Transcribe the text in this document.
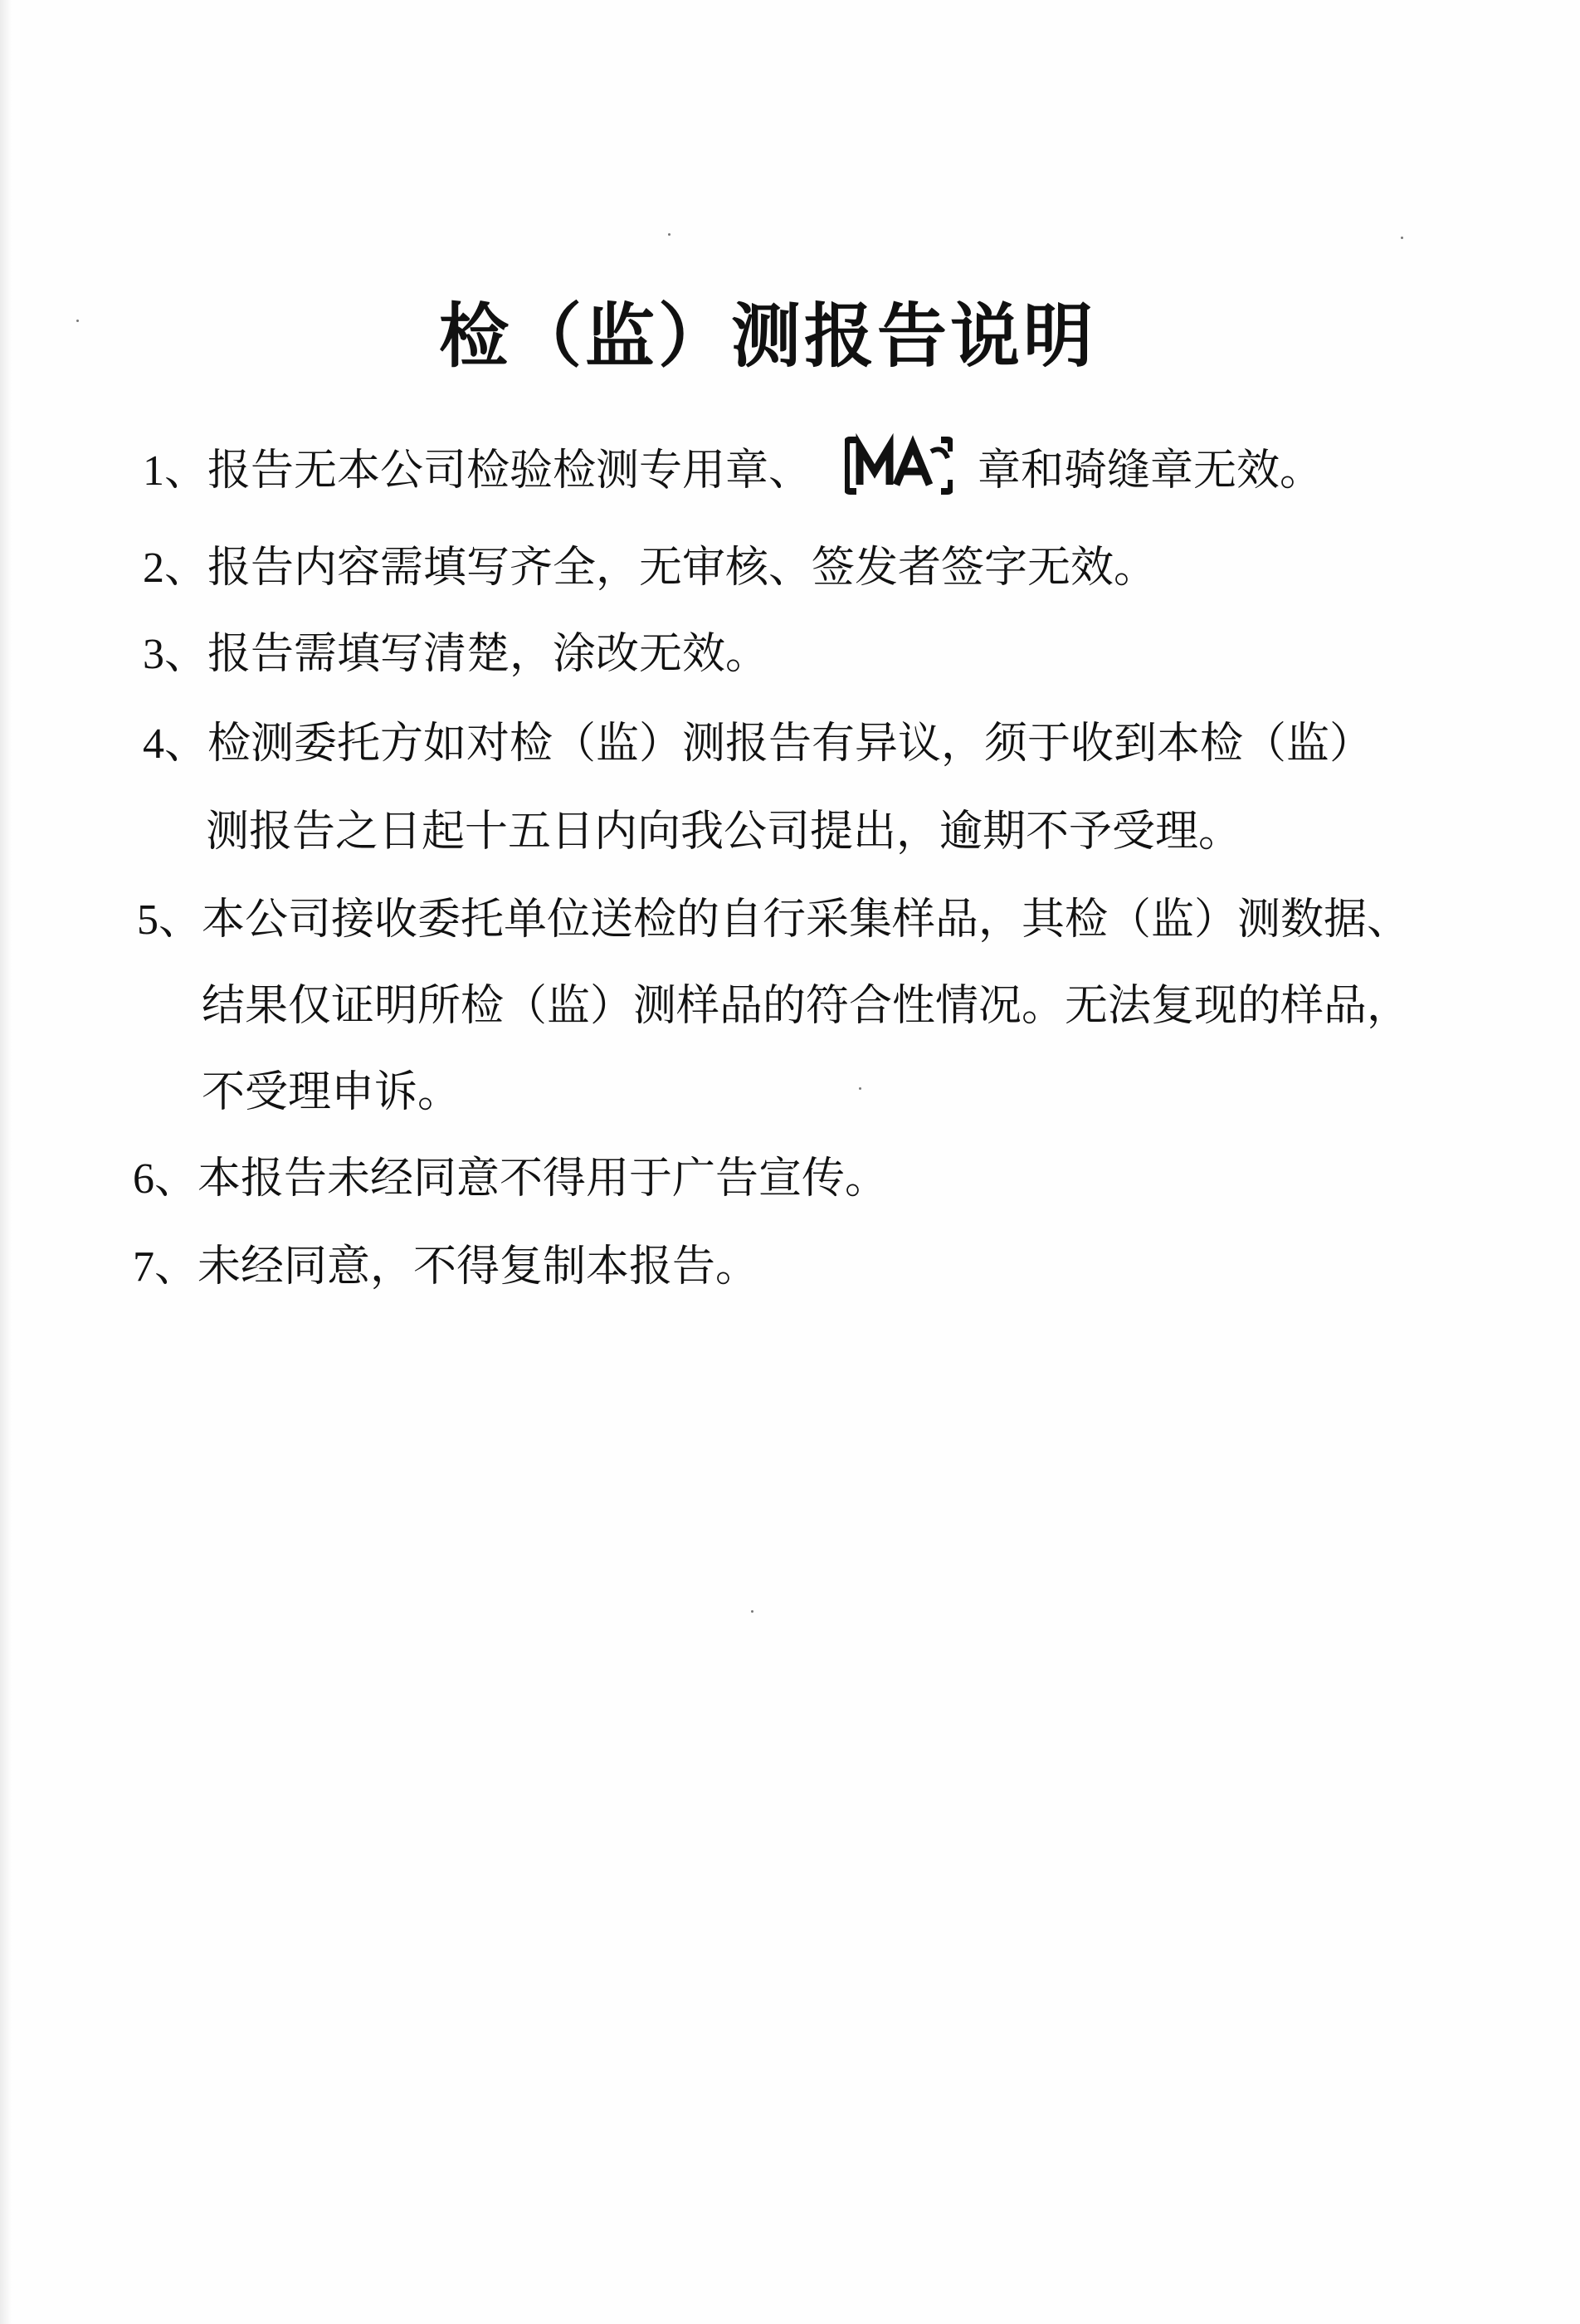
检（监）测报告说明
1、报告无本公司检验检测专用章、	章和骑缝章无效。
2、报告内容需填写齐全，无审核、签发者签字无效。
3、报告需填写清楚，涂改无效。
4、检测委托方如对检（监）测报告有异议，须于收到本检（监）
测报告之日起十五日内向我公司提出，逾期不予受理。
5、本公司接收委托单位送检的自行采集样品，其检（监）测数据、
结果仅证明所检（监）测样品的符合性情况。无法复现的样品，
不受理申诉。
6、本报告未经同意不得用于广告宣传。
7、未经同意，不得复制本报告。
